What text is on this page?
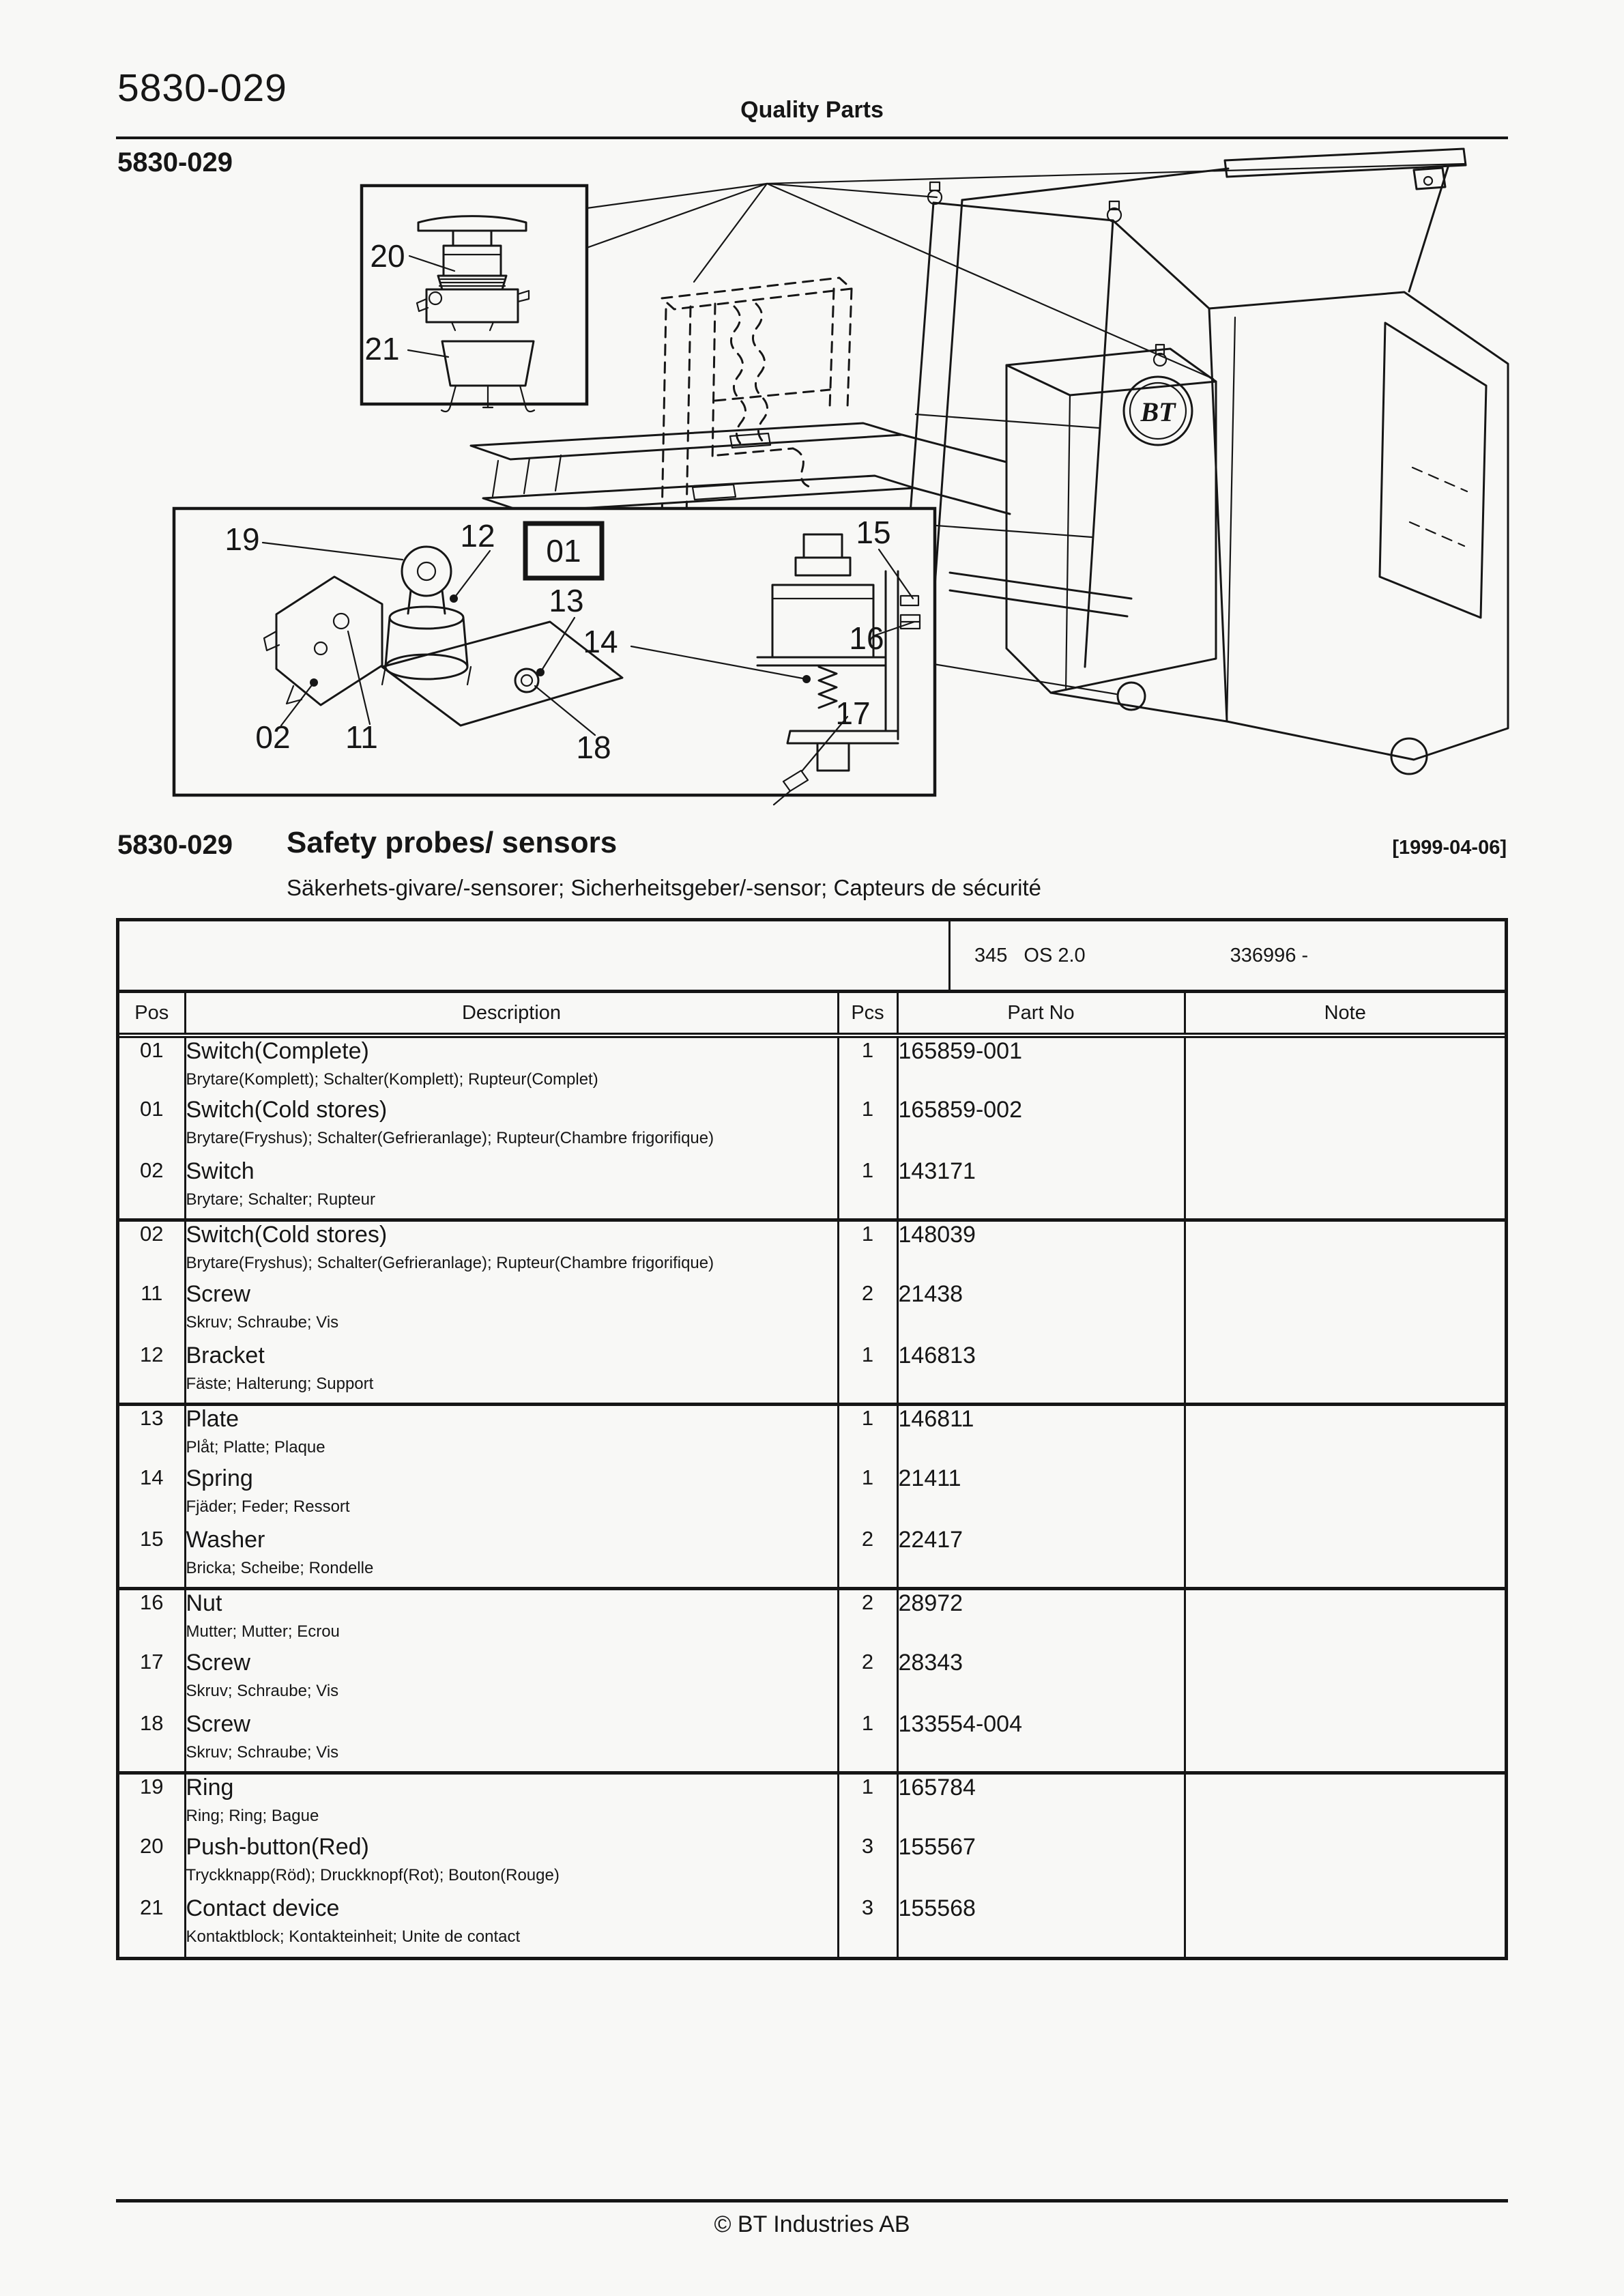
5830-029	Quality Parts
5830-029
BT
20
21
01
19	12
13
14
15
16
17
02 11	18
5830-029 Safety probes/ sensors	[1999-04-06]
Säkerhets-givare/-sensorer; Sicherheitsgeber/-sensor; Capteurs de sécurité
345 OS 2.0	336996 -
Pos	Description	Pcs	Part No	Note
01	Switch(Complete)
Brytare(Komplett); Schalter(Komplett); Rupteur(Complet)	1	165859-001	
01	Switch(Cold stores)
Brytare(Fryshus); Schalter(Gefrieranlage); Rupteur(Chambre frigorifique)	1	165859-002	
02	Switch
Brytare; Schalter; Rupteur	1	143171	
02	Switch(Cold stores)
Brytare(Fryshus); Schalter(Gefrieranlage); Rupteur(Chambre frigorifique)	1	148039	
11	Screw
Skruv; Schraube; Vis	2	21438	
12	Bracket
Fäste; Halterung; Support	1	146813	
13	Plate
Plåt; Platte; Plaque	1	146811	
14	Spring
Fjäder; Feder; Ressort	1	21411	
15	Washer
Bricka; Scheibe; Rondelle	2	22417	
16	Nut
Mutter; Mutter; Ecrou	2	28972	
17	Screw
Skruv; Schraube; Vis	2	28343	
18	Screw
Skruv; Schraube; Vis	1	133554-004	
19	Ring
Ring; Ring; Bague	1	165784	
20	Push-button(Red)
Tryckknapp(Röd); Druckknopf(Rot); Bouton(Rouge)	3	155567	
21	Contact device
Kontaktblock; Kontakteinheit; Unite de contact	3	155568	
© BT Industries AB
